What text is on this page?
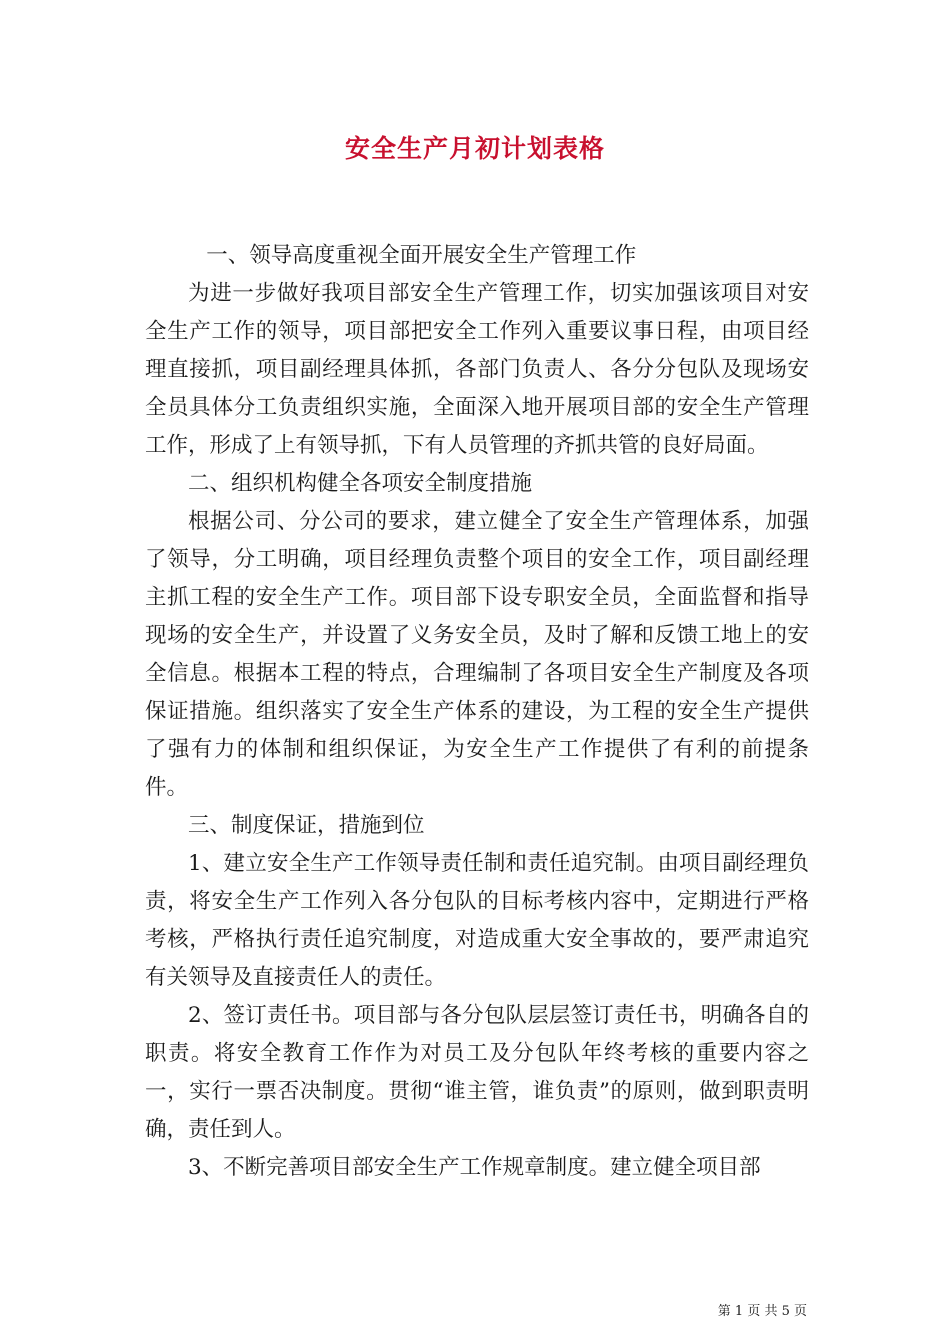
安全生产月初计划表格

一、领导高度重视全面开展安全生产管理工作

为进一步做好我项目部安全生产管理工作，切实加强该项目对安全生产工作的领导，项目部把安全工作列入重要议事日程，由项目经理直接抓，项目副经理具体抓，各部门负责人、各分分包队及现场安全员具体分工负责组织实施，全面深入地开展项目部的安全生产管理工作，形成了上有领导抓，下有人员管理的齐抓共管的良好局面。

二、组织机构健全各项安全制度措施

根据公司、分公司的要求，建立健全了安全生产管理体系，加强了领导，分工明确，项目经理负责整个项目的安全工作，项目副经理主抓工程的安全生产工作。项目部下设专职安全员，全面监督和指导现场的安全生产，并设置了义务安全员，及时了解和反馈工地上的安全信息。根据本工程的特点，合理编制了各项目安全生产制度及各项保证措施。组织落实了安全生产体系的建设，为工程的安全生产提供了强有力的体制和组织保证，为安全生产工作提供了有利的前提条件。

三、制度保证，措施到位

1、建立安全生产工作领导责任制和责任追究制。由项目副经理负责，将安全生产工作列入各分包队的目标考核内容中，定期进行严格考核，严格执行责任追究制度，对造成重大安全事故的，要严肃追究有关领导及直接责任人的责任。

2、签订责任书。项目部与各分包队层层签订责任书，明确各自的职责。将安全教育工作作为对员工及分包队年终考核的重要内容之一，实行一票否决制度。贯彻“谁主管，谁负责”的原则，做到职责明确，责任到人。

3、不断完善项目部安全生产工作规章制度。建立健全项目部

第 1 页 共 5 页
